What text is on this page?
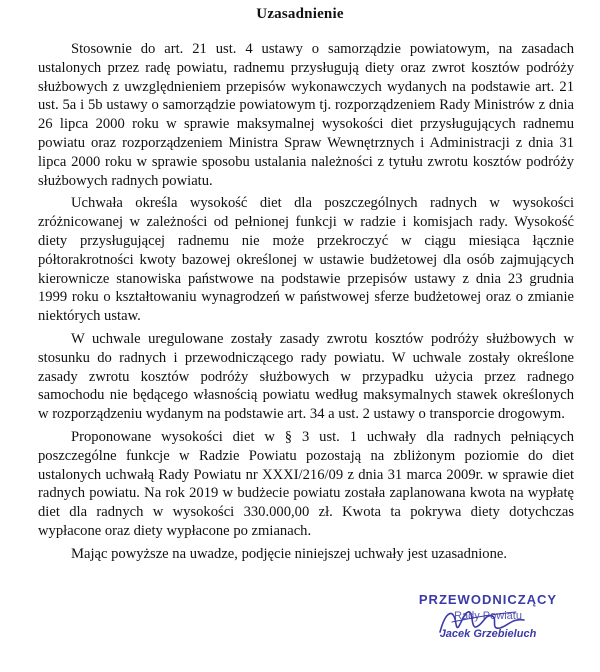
Uzasadnienie

Stosownie do art. 21 ust. 4 ustawy o samorządzie powiatowym, na zasadach ustalonych przez radę powiatu, radnemu przysługują diety oraz zwrot kosztów podróży służbowych z uwzględnieniem przepisów wykonawczych wydanych na podstawie art. 21 ust. 5a i 5b ustawy o samorządzie powiatowym tj. rozporządzeniem Rady Ministrów z dnia 26 lipca 2000 roku w sprawie maksymalnej wysokości diet przysługujących radnemu powiatu oraz rozporządzeniem Ministra Spraw Wewnętrznych i Administracji z dnia 31 lipca 2000 roku w sprawie sposobu ustalania należności z tytułu zwrotu kosztów podróży służbowych radnych powiatu.

Uchwała określa wysokość diet dla poszczególnych radnych w wysokości zróżnicowanej w zależności od pełnionej funkcji w radzie i komisjach rady. Wysokość diety przysługującej radnemu nie może przekroczyć w ciągu miesiąca łącznie półtorakrotności kwoty bazowej określonej w ustawie budżetowej dla osób zajmujących kierownicze stanowiska państwowe na podstawie przepisów ustawy z dnia 23 grudnia 1999 roku o kształtowaniu wynagrodzeń w państwowej sferze budżetowej oraz o zmianie niektórych ustaw.

W uchwale uregulowane zostały zasady zwrotu kosztów podróży służbowych w stosunku do radnych i przewodniczącego rady powiatu. W uchwale zostały określone zasady zwrotu kosztów podróży służbowych w przypadku użycia przez radnego samochodu nie będącego własnością powiatu według maksymalnych stawek określonych w rozporządzeniu wydanym na podstawie art. 34 a ust. 2 ustawy o transporcie drogowym.

Proponowane wysokości diet w § 3 ust. 1 uchwały dla radnych pełniących poszczególne funkcje w Radzie Powiatu pozostają na zbliżonym poziomie do diet ustalonych uchwałą Rady Powiatu nr XXXI/216/09 z dnia 31 marca 2009r. w sprawie diet radnych powiatu. Na rok 2019 w budżecie powiatu została zaplanowana kwota na wypłatę diet dla radnych w wysokości 330.000,00 zł. Kwota ta pokrywa diety dotychczas wypłacone oraz diety wypłacone po zmianach.

Mając powyższe na uwadze, podjęcie niniejszej uchwały jest uzasadnione.

PRZEWODNICZĄCY
Rady Powiatu
Jacek Grzebieluch
